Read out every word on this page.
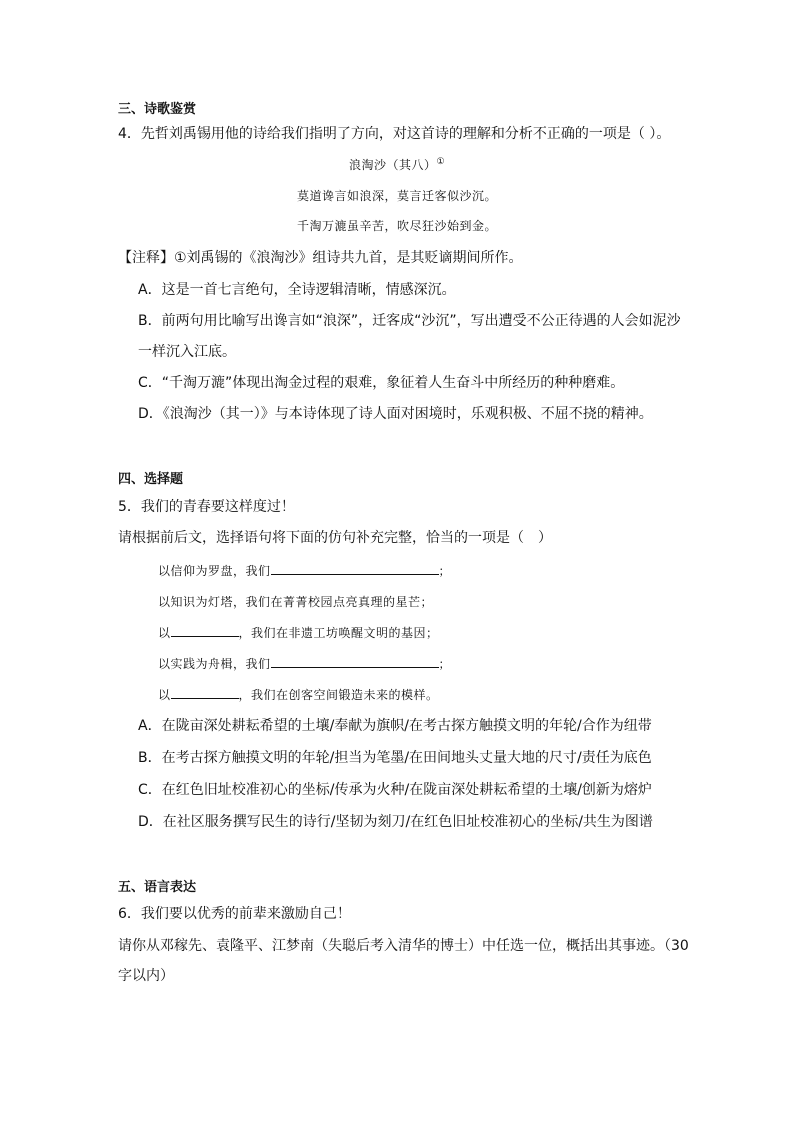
三、诗歌鉴赏
4．先哲刘禹锡用他的诗给我们指明了方向，对这首诗的理解和分析不正确的一项是（ ）。
浪淘沙（其八）①
莫道谗言如浪深，莫言迁客似沙沉。
千淘万漉虽辛苦，吹尽狂沙始到金。
【注释】①刘禹锡的《浪淘沙》组诗共九首，是其贬谪期间所作。
A．这是一首七言绝句，全诗逻辑清晰，情感深沉。
B．前两句用比喻写出谗言如“浪深”，迁客成“沙沉”，写出遭受不公正待遇的人会如泥沙
一样沉入江底。
C．“千淘万漉”体现出淘金过程的艰难，象征着人生奋斗中所经历的种种磨难。
D．《浪淘沙（其一）》与本诗体现了诗人面对困境时，乐观积极、不屈不挠的精神。
四、选择题
5．我们的青春要这样度过！
请根据前后文，选择语句将下面的仿句补充完整，恰当的一项是（　）
以信仰为罗盘，我们	；
以知识为灯塔，我们在菁菁校园点亮真理的星芒；
以	，我们在非遗工坊唤醒文明的基因；
以实践为舟楫，我们	；
以	，我们在创客空间锻造未来的模样。
A．在陇亩深处耕耘希望的土壤/奉献为旗帜/在考古探方触摸文明的年轮/合作为纽带
B．在考古探方触摸文明的年轮/担当为笔墨/在田间地头丈量大地的尺寸/责任为底色
C．在红色旧址校准初心的坐标/传承为火种/在陇亩深处耕耘希望的土壤/创新为熔炉
D．在社区服务撰写民生的诗行/坚韧为刻刀/在红色旧址校准初心的坐标/共生为图谱
五、语言表达
6．我们要以优秀的前辈来激励自己！
请你从邓稼先、袁隆平、江梦南（失聪后考入清华的博士）中任选一位，概括出其事迹。（30
字以内）
